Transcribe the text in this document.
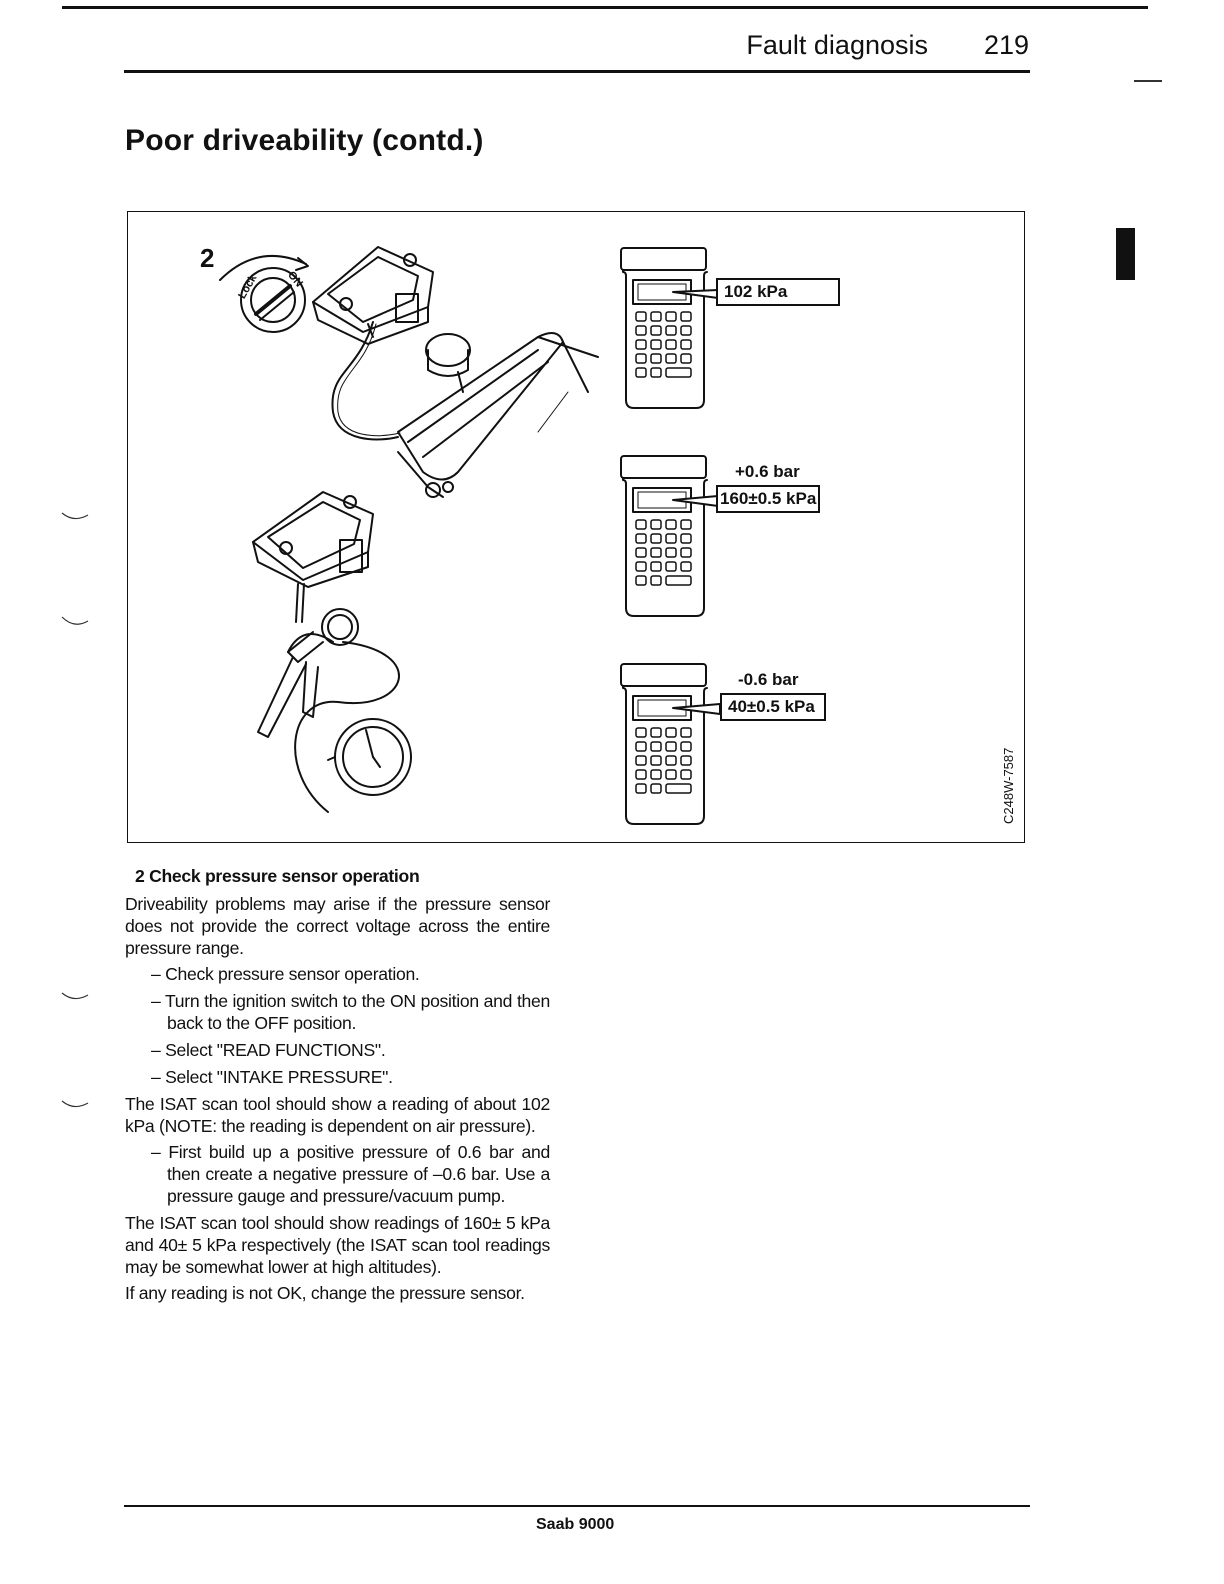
Fault diagnosis 219
Poor driveability (contd.)
2
Lock ON
C248W-7587
102 kPa
+0.6 bar
160±0.5 kPa
-0.6 bar
40±0.5 kPa

2 Check pressure sensor operation

Driveability problems may arise if the pressure sensor does not provide the correct voltage across the entire pressure range.

– Check pressure sensor operation.

– Turn the ignition switch to the ON position and then back to the OFF position.

– Select "READ FUNCTIONS".

– Select "INTAKE PRESSURE".

The ISAT scan tool should show a reading of about 102 kPa (NOTE: the reading is dependent on air pressure).

– First build up a positive pressure of 0.6 bar and then create a negative pressure of –0.6 bar. Use a pressure gauge and pressure/vacuum pump.

The ISAT scan tool should show readings of 160± 5 kPa and 40± 5 kPa respectively (the ISAT scan tool readings may be somewhat lower at high altitudes).

If any reading is not OK, change the pressure sensor.

Saab 9000
